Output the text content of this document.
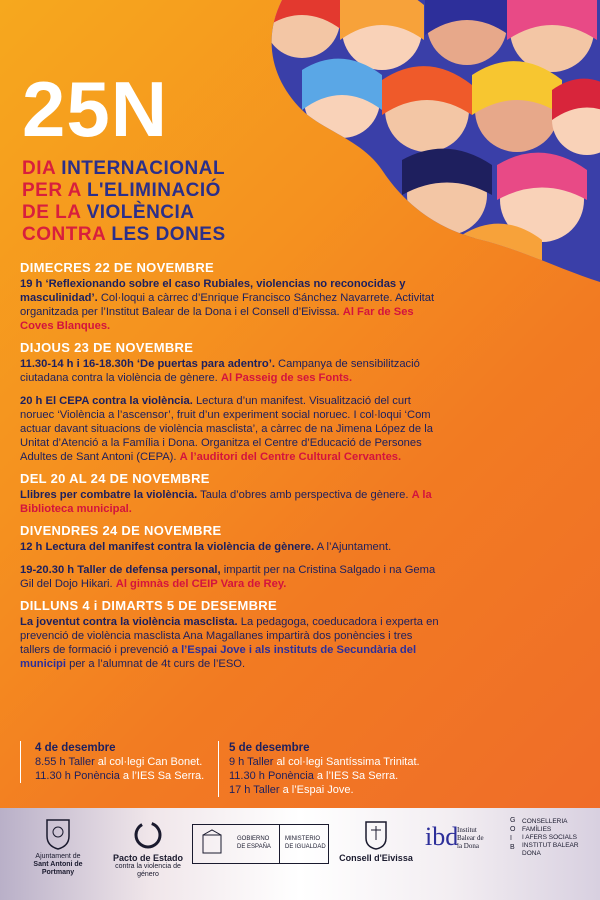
25N
DIA INTERNACIONAL
PER A L'ELIMINACIÓ
DE LA VIOLÈNCIA
CONTRA LES DONES
DIMECRES 22 DE NOVEMBRE
19 h ‘Reflexionando sobre el caso Rubiales, violencias no reconocidas y masculinidad’. Col·loqui a càrrec d’Enrique Francisco Sánchez Navarrete. Activitat organitzada per l’Institut Balear de la Dona i el Consell d’Eivissa. Al Far de Ses Coves Blanques.
DIJOUS 23 DE NOVEMBRE
11.30-14 h i 16-18.30h ‘De puertas para adentro’. Campanya de sensibilització ciutadana contra la violència de gènere. Al Passeig de ses Fonts.
20 h El CEPA contra la violència. Lectura d’un manifest. Visualització del curt noruec ‘Violència a l’ascensor’, fruit d’un experiment social noruec. I col·loqui ‘Com actuar davant situacions de violència masclista’, a càrrec de na Jimena López de la Unitat d’Atenció a la Família i Dona. Organitza el Centre d’Educació de Persones Adultes de Sant Antoni (CEPA). A l’auditori del Centre Cultural Cervantes.
DEL 20 AL 24 DE NOVEMBRE
Llibres per combatre la violència. Taula d’obres amb perspectiva de gènere. A la Biblioteca municipal.
DIVENDRES 24 DE NOVEMBRE
12 h Lectura del manifest contra la violència de gènere. A l’Ajuntament.
19-20.30 h Taller de defensa personal, impartit per na Cristina Salgado i na Gema Gil del Dojo Hikari. Al gimnàs del CEIP Vara de Rey.
DILLUNS 4 i DIMARTS 5 DE DESEMBRE
La joventut contra la violència masclista. La pedagoga, coeducadora i experta en prevenció de violència masclista Ana Magallanes impartirà dos ponències i tres tallers de formació i prevenció a l’Espai Jove i als instituts de Secundària del municipi per a l’alumnat de 4t curs de l’ESO.
4 de desembre
8.55 h Taller al col·legi Can Bonet.
11.30 h Ponència a l’IES Sa Serra.
5 de desembre
9 h Taller al col·legi Santíssima Trinitat.
11.30 h Ponència a l’IES Sa Serra.
17 h Taller a l’Espai Jove.
Ajuntament de
Sant Antoni de Portmany
Pacto de Estado
contra la violencia de género
GOBIERNO
DE ESPAÑA
MINISTERIO
DE IGUALDAD
Consell d'Eivissa
ibd
Institut
Balear de
la Dona
G O I B
CONSELLERIA
FAMÍLIES
I AFERS SOCIALS
INSTITUT BALEAR
DONA
